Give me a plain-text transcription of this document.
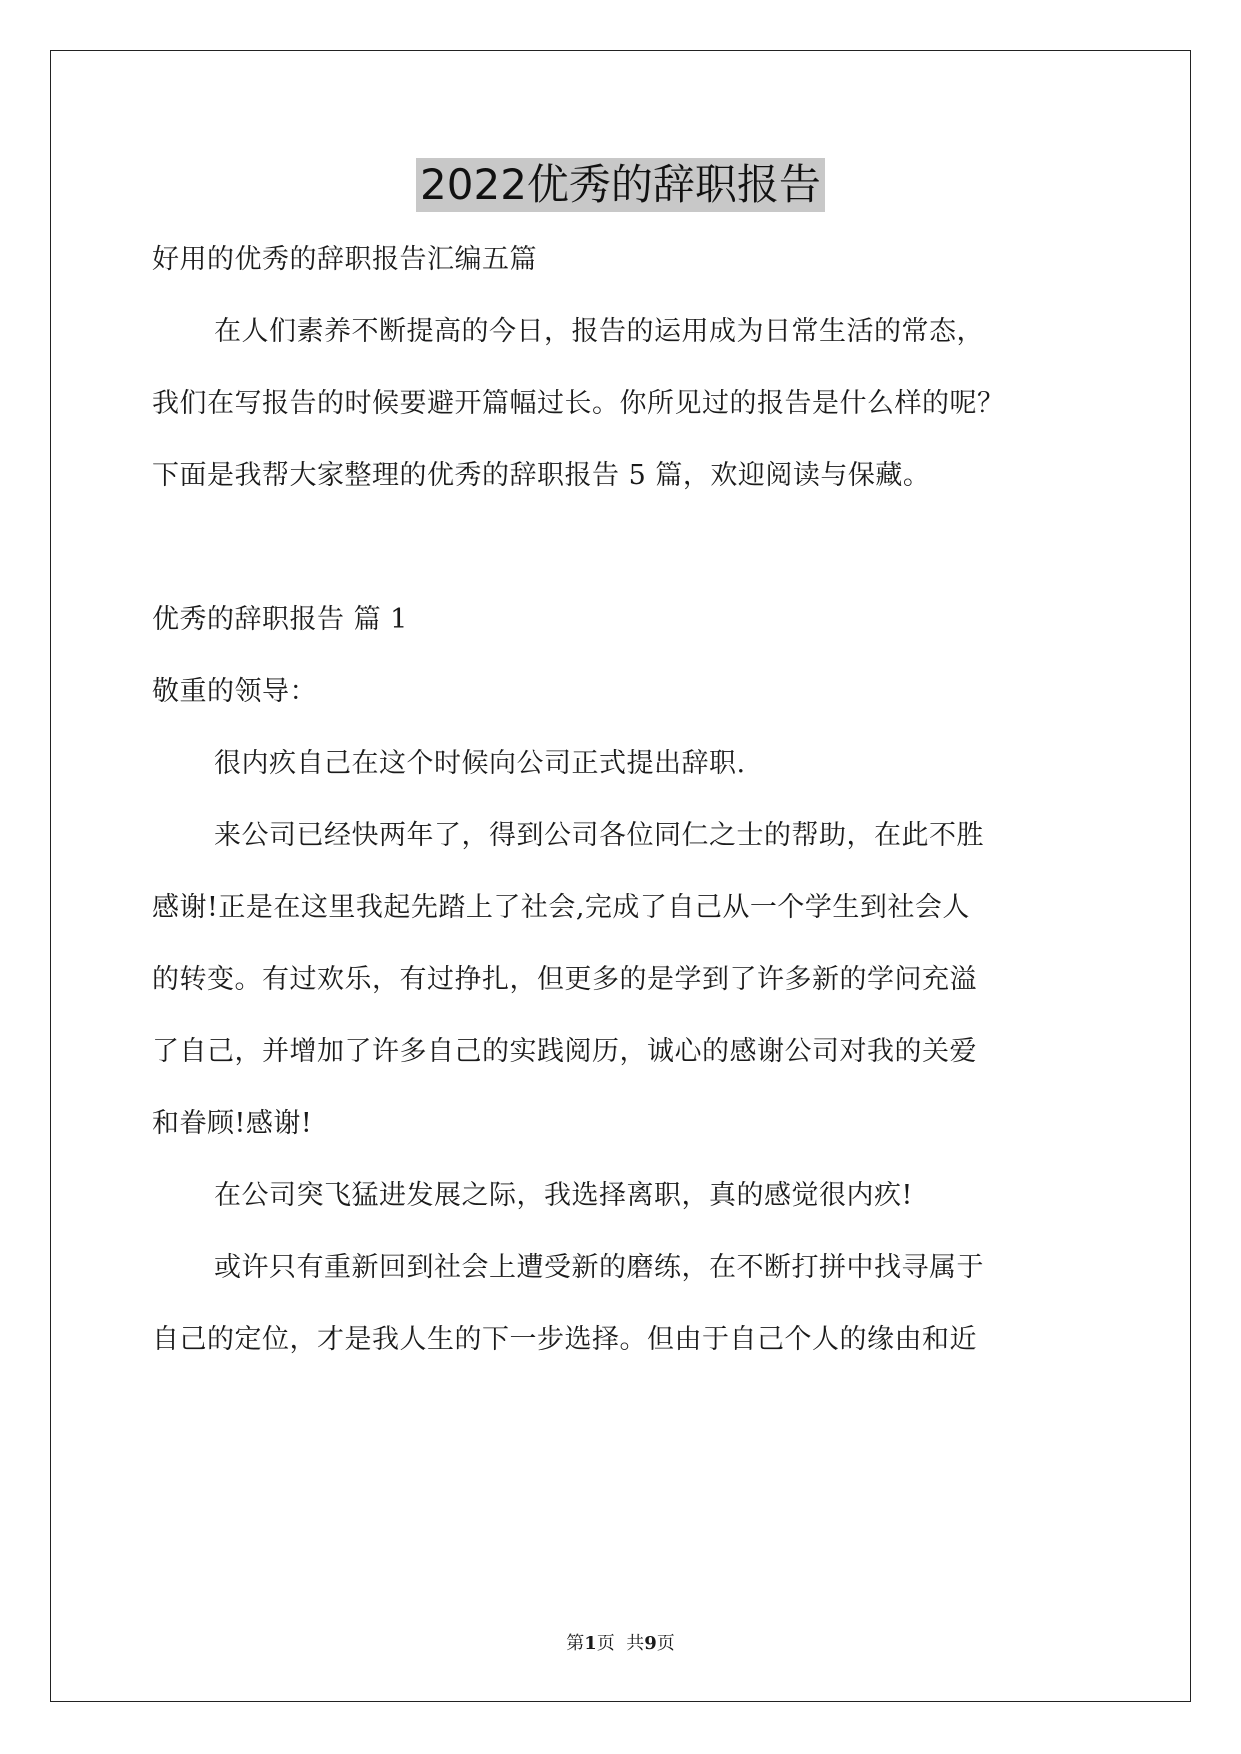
2022优秀的辞职报告
好用的优秀的辞职报告汇编五篇
在人们素养不断提高的今日，报告的运用成为日常生活的常态，
我们在写报告的时候要避开篇幅过长。你所见过的报告是什么样的呢？
下面是我帮大家整理的优秀的辞职报告 5 篇，欢迎阅读与保藏。
优秀的辞职报告 篇 1
敬重的领导：
很内疚自己在这个时候向公司正式提出辞职.
来公司已经快两年了，得到公司各位同仁之士的帮助，在此不胜
感谢!正是在这里我起先踏上了社会,完成了自己从一个学生到社会人
的转变。有过欢乐，有过挣扎，但更多的是学到了许多新的学问充溢
了自己，并增加了许多自己的实践阅历，诚心的感谢公司对我的关爱
和眷顾!感谢!
在公司突飞猛进发展之际，我选择离职，真的感觉很内疚!
或许只有重新回到社会上遭受新的磨练，在不断打拼中找寻属于
自己的定位，才是我人生的下一步选择。但由于自己个人的缘由和近
第1页  共9页
